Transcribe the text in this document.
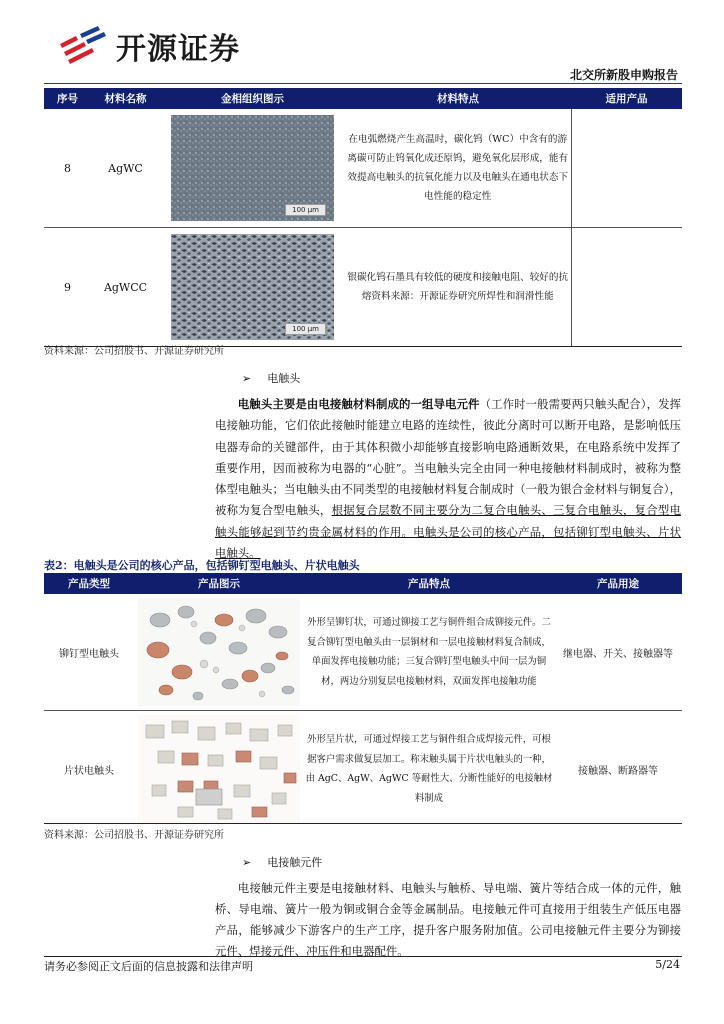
开源证券
北交所新股申购报告
序号	材料名称	金相组织图示	材料特点	适用产品
8	AgWC	100 μm	在电弧燃烧产生高温时，碳化钨（WC）中含有的游离碳可防止钨氧化成还原钨，避免氧化层形成，能有效提高电触头的抗氧化能力以及电触头在通电状态下电性能的稳定性	
9	AgWCC	100 μm	银碳化钨石墨具有较低的硬度和接触电阻、较好的抗熔资料来源：开源证券研究所焊性和润滑性能	
资料来源：公司招股书、开源证券研究所
➢ 电触头
电触头主要是由电接触材料制成的一组导电元件（工作时一般需要两只触头配合），发挥电接触功能，它们依此接触时能建立电路的连续性，彼此分离时可以断开电路，是影响低压电器寿命的关键部件，由于其体积微小却能够直接影响电路通断效果，在电路系统中发挥了重要作用，因而被称为电器的“心脏”。当电触头完全由同一种电接触材料制成时，被称为整体型电触头；当电触头由不同类型的电接触材料复合制成时（一般为银合金材料与铜复合），被称为复合型电触头，根据复合层数不同主要分为二复合电触头、三复合电触头，复合型电触头能够起到节约贵金属材料的作用。电触头是公司的核心产品，包括铆钉型电触头、片状电触头。
表2：电触头是公司的核心产品，包括铆钉型电触头、片状电触头
产品类型	产品图示	产品特点	产品用途
铆钉型电触头		外形呈铆钉状，可通过铆接工艺与铜件组合成铆接元件。二复合铆钉型电触头由一层铜材和一层电接触材料复合制成，单面发挥电接触功能；三复合铆钉型电触头中间一层为铜材，两边分别复层电接触材料，双面发挥电接触功能	继电器、开关、接触器等
片状电触头		外形呈片状，可通过焊接工艺与铜件组合成焊接元件，可根据客户需求做复层加工。称末触头属于片状电触头的一种，由 AgC、AgW、AgWC 等耐性大、分断性能好的电接触材料制成	接触器、断路器等
资料来源：公司招股书、开源证券研究所
➢ 电接触元件
电接触元件主要是电接触材料、电触头与触桥、导电端、簧片等结合成一体的元件，触桥、导电端、簧片一般为铜或铜合金等金属制品。电接触元件可直接用于组装生产低压电器产品，能够减少下游客户的生产工序，提升客户服务附加值。公司电接触元件主要分为铆接元件、焊接元件、冲压件和电器配件。
请务必参阅正文后面的信息披露和法律声明	5/24
